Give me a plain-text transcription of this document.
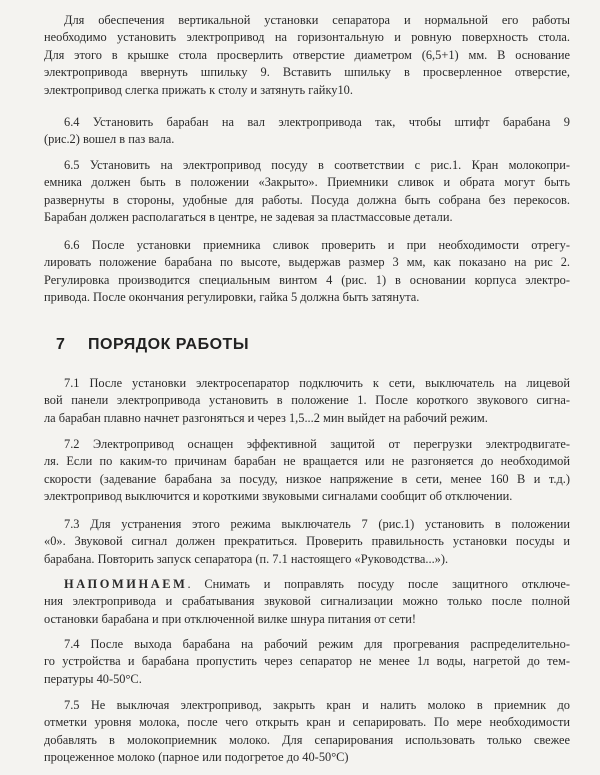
Для обеспечения вертикальной установки сепаратора и нормальной его работы
необходимо установить электропривод на горизонтальную и ровную поверхность стола.
Для этого в крышке стола просверлить отверстие диаметром (6,5+1) мм. В основание
электропривода ввернуть шпильку 9. Вставить шпильку в просверленное отверстие,
электропривод слегка прижать к столу и затянуть гайку10.
6.4 Установить барабан на вал электропривода так, чтобы штифт барабана 9
(рис.2) вошел в паз вала.
6.5 Установить на электропривод посуду в соответствии с рис.1. Кран молокопри-
емника должен быть в положении «Закрыто». Приемники сливок и обрата могут быть
развернуты в стороны, удобные для работы. Посуда должна быть собрана без перекосов.
Барабан должен располагаться в центре, не задевая за пластмассовые детали.
6.6 После установки приемника сливок проверить и при необходимости отрегу-
лировать положение барабана по высоте, выдержав размер 3 мм, как показано на рис 2.
Регулировка производится специальным винтом 4 (рис. 1) в основании корпуса электро-
привода. После окончания регулировки, гайка 5 должна быть затянута.
7 ПОРЯДОК РАБОТЫ
7.1 После установки электросепаратор подключить к сети, выключатель на лицевой
вой панели электропривода установить в положение 1. После короткого звукового сигна-
ла барабан плавно начнет разгоняться и через 1,5...2 мин выйдет на рабочий режим.
7.2 Электропривод оснащен эффективной защитой от перегрузки электродвигате-
ля. Если по каким-то причинам барабан не вращается или не разгоняется до необходимой
скорости (задевание барабана за посуду, низкое напряжение в сети, менее 160 В и т.д.)
электропривод выключится и короткими звуковыми сигналами сообщит об отключении.
7.3 Для устранения этого режима выключатель 7 (рис.1) установить в положении
«0». Звуковой сигнал должен прекратиться. Проверить правильность установки посуды и
барабана. Повторить запуск сепаратора (п. 7.1 настоящего «Руководства...»).
НАПОМИНАЕМ. Снимать и поправлять посуду после защитного отключе-
ния электропривода и срабатывания звуковой сигнализации можно только после полной
остановки барабана и при отключенной вилке шнура питания от сети!
7.4 После выхода барабана на рабочий режим для прогревания распределительно-
го устройства и барабана пропустить через сепаратор не менее 1л воды, нагретой до тем-
пературы 40-50°С.
7.5 Не выключая электропривод, закрыть кран и налить молоко в приемник до
отметки уровня молока, после чего открыть кран и сепарировать. По мере необходимости
добавлять в молокоприемник молоко. Для сепарирования использовать только свежее
процеженное молоко (парное или подогретое до 40-50°С)
